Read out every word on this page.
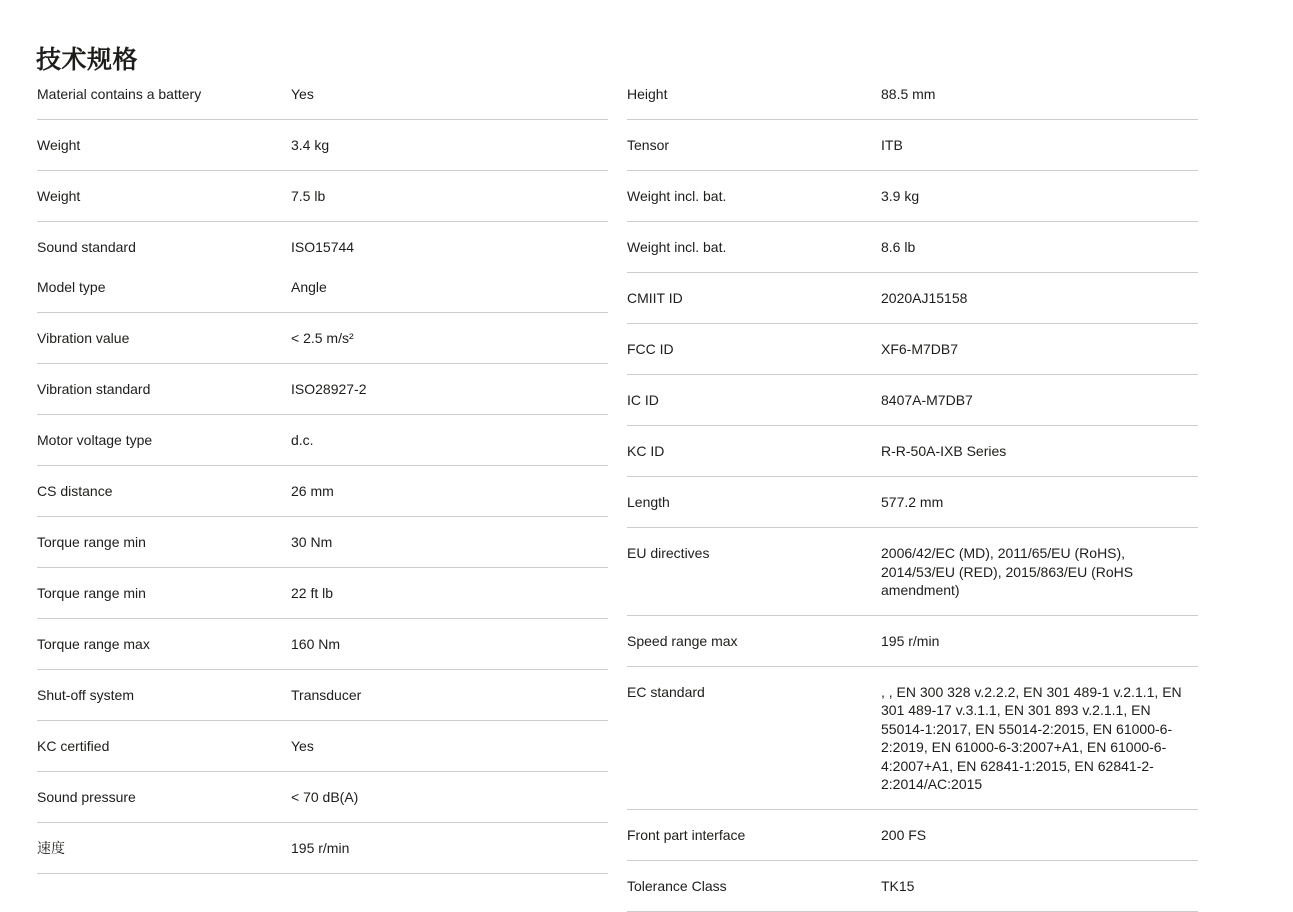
技术规格
Material contains a battery	Yes
Weight	3.4 kg
Weight	7.5 lb
Sound standard	ISO15744
Model type	Angle
Vibration value	< 2.5 m/s²
Vibration standard	ISO28927-2
Motor voltage type	d.c.
CS distance	26 mm
Torque range min	30 Nm
Torque range min	22 ft lb
Torque range max	160 Nm
Shut-off system	Transducer
KC certified	Yes
Sound pressure	< 70 dB(A)
速度	195 r/min
Height	88.5 mm
Tensor	ITB
Weight incl. bat.	3.9 kg
Weight incl. bat.	8.6 lb
CMIIT ID	2020AJ15158
FCC ID	XF6-M7DB7
IC ID	8407A-M7DB7
KC ID	R-R-50A-IXB Series
Length	577.2 mm
EU directives	2006/42/EC (MD), 2011/65/EU (RoHS), 2014/53/EU (RED), 2015/863/EU (RoHS amendment)
Speed range max	195 r/min
EC standard	, , EN 300 328 v.2.2.2, EN 301 489-1 v.2.1.1, EN 301 489-17 v.3.1.1, EN 301 893 v.2.1.1, EN 55014-1:2017, EN 55014-2:2015, EN 61000-6-2:2019, EN 61000-6-3:2007+A1, EN 61000-6-4:2007+A1, EN 62841-1:2015, EN 62841-2-2:2014/AC:2015
Front part interface	200 FS
Tolerance Class	TK15
